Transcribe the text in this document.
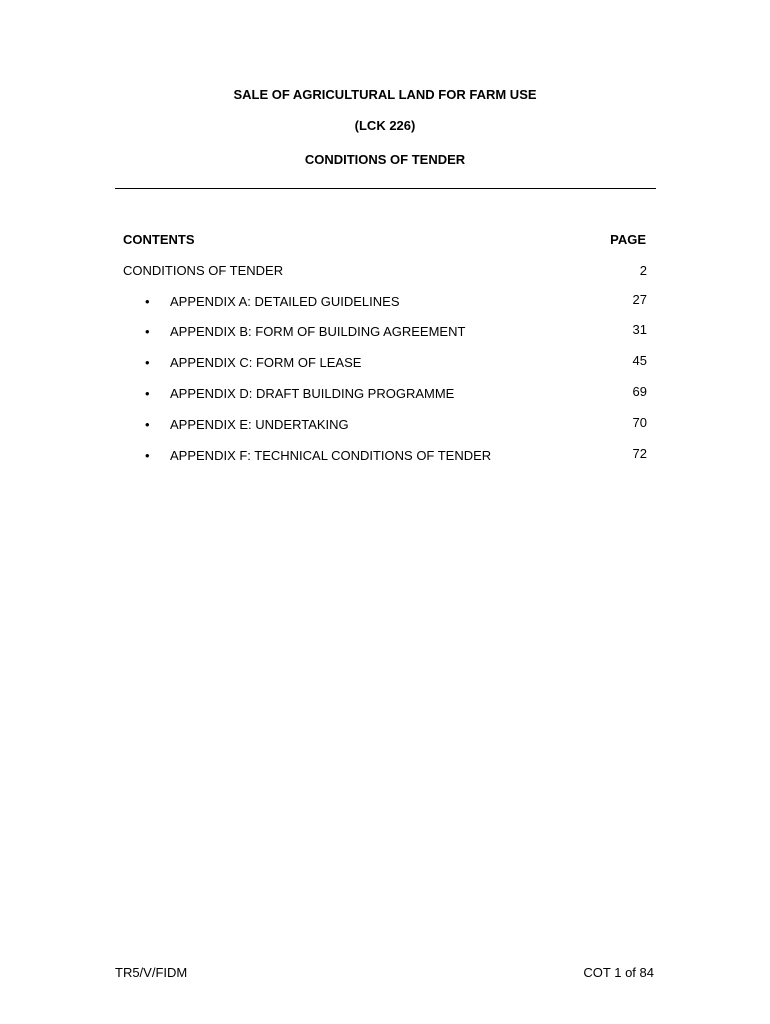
SALE OF AGRICULTURAL LAND FOR FARM USE
(LCK 226)
CONDITIONS OF TENDER
CONTENTS	PAGE
CONDITIONS OF TENDER	2
• APPENDIX A: DETAILED GUIDELINES	27
• APPENDIX B: FORM OF BUILDING AGREEMENT	31
• APPENDIX C: FORM OF LEASE	45
• APPENDIX D: DRAFT BUILDING PROGRAMME	69
• APPENDIX E: UNDERTAKING	70
• APPENDIX F: TECHNICAL CONDITIONS OF TENDER	72
TR5/V/FIDM	COT 1 of 84
